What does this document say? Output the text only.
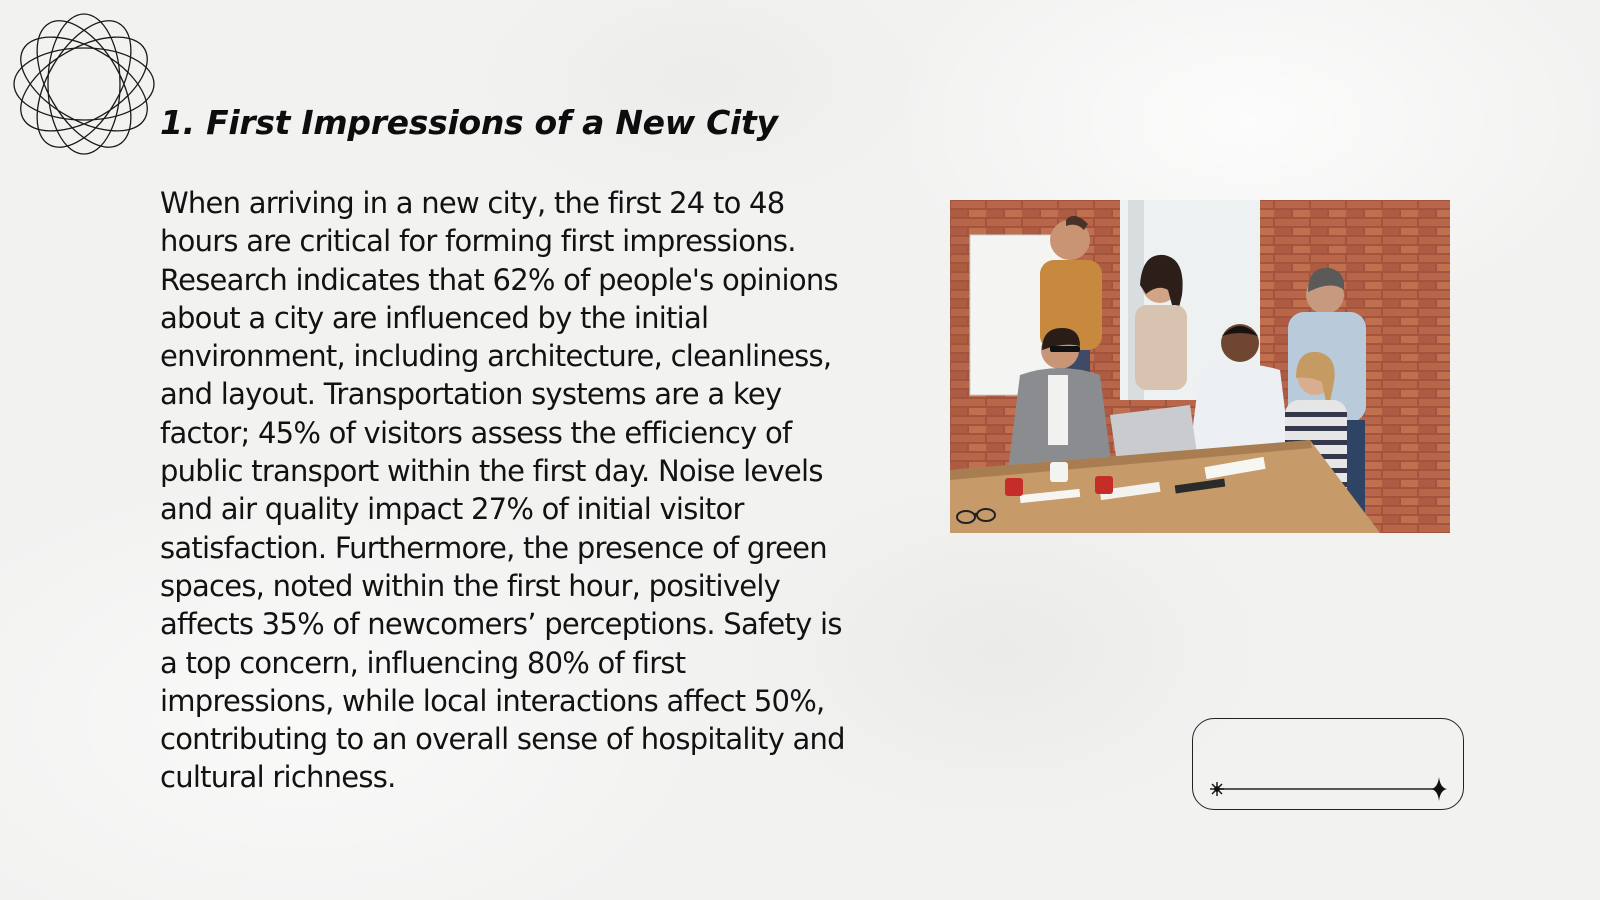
1. First Impressions of a New City

When arriving in a new city, the first 24 to 48 hours are critical for forming first impressions. Research indicates that 62% of people's opinions about a city are influenced by the initial environment, including architecture, cleanliness, and layout. Transportation systems are a key factor; 45% of visitors assess the efficiency of public transport within the first day. Noise levels and air quality impact 27% of initial visitor satisfaction. Furthermore, the presence of green spaces, noted within the first hour, positively affects 35% of newcomers’ perceptions. Safety is a top concern, influencing 80% of first impressions, while local interactions affect 50%, contributing to an overall sense of hospitality and cultural richness.
